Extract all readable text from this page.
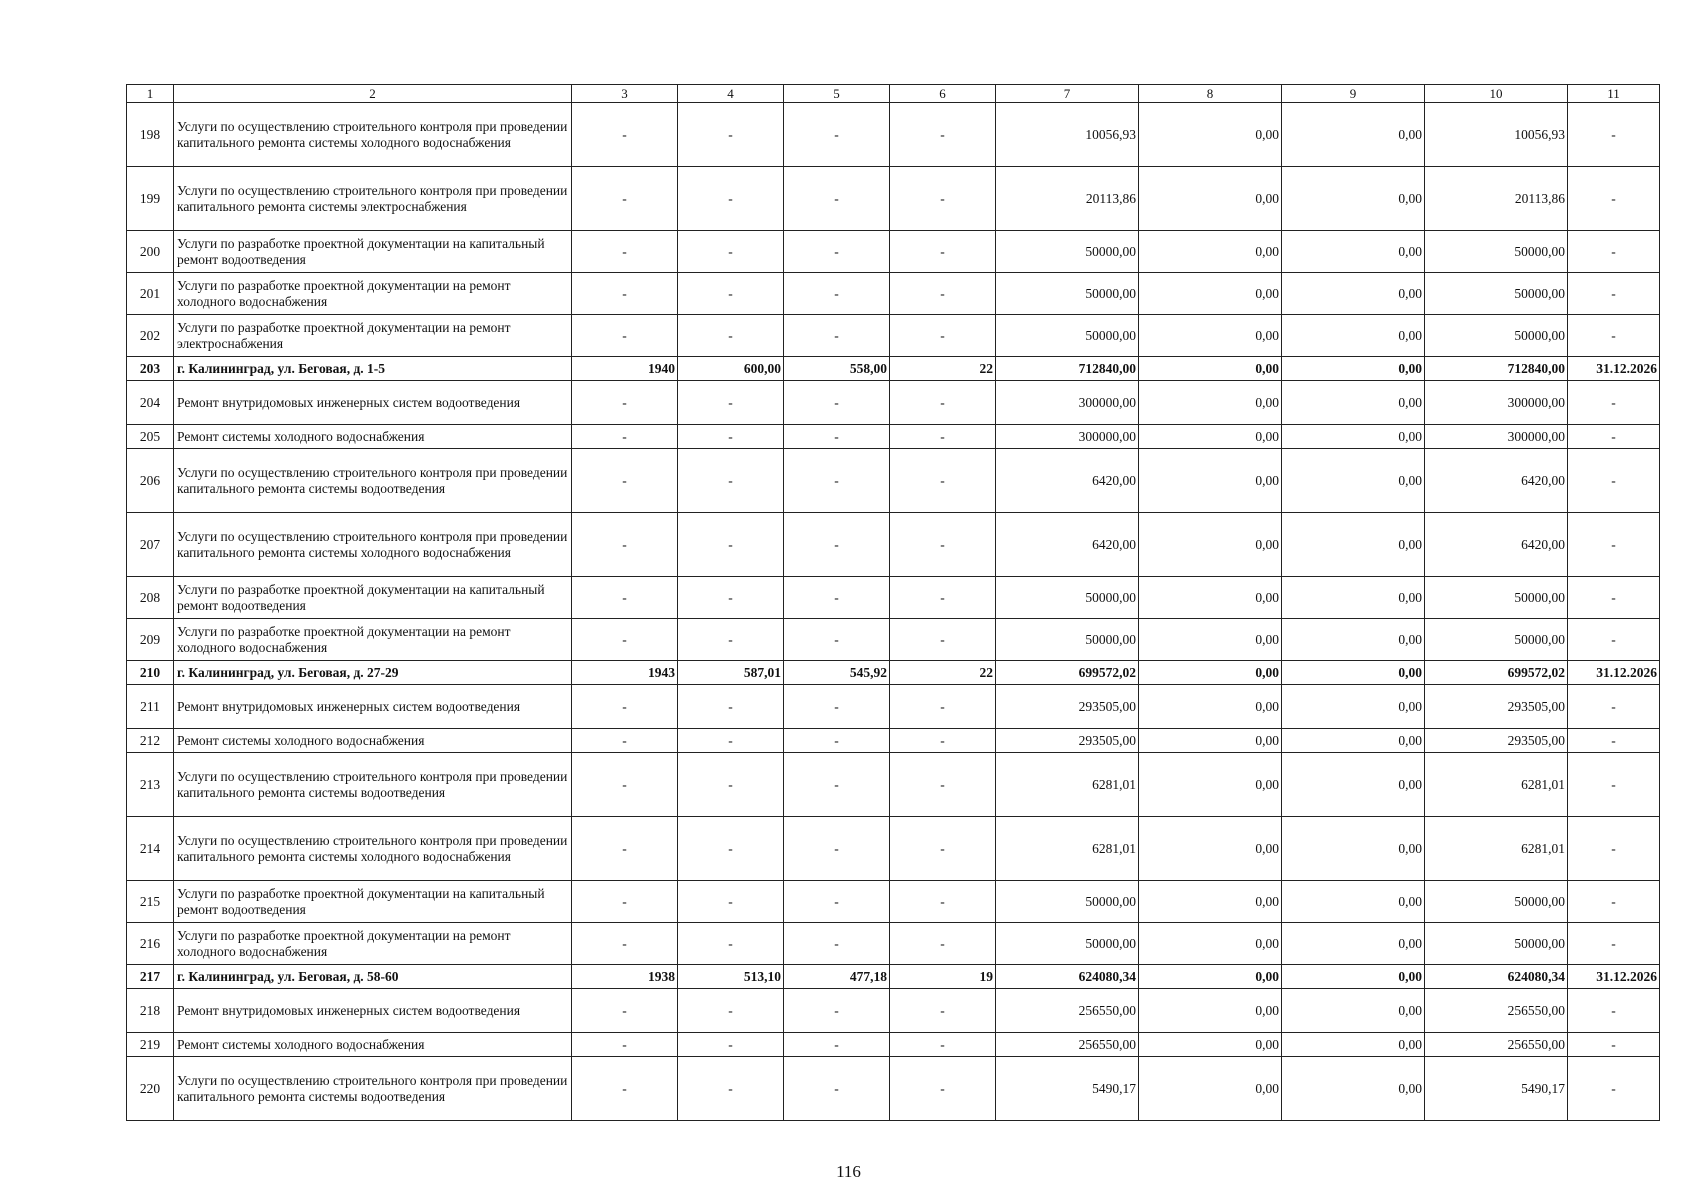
1	2	3	4	5	6	7	8	9	10	11
198	Услуги по осуществлению строительного контроля при проведении капитального ремонта системы холодного водоснабжения	-	-	-	-	10056,93	0,00	0,00	10056,93	-
199	Услуги по осуществлению строительного контроля при проведении капитального ремонта системы электроснабжения	-	-	-	-	20113,86	0,00	0,00	20113,86	-
200	Услуги по разработке проектной документации на капитальный ремонт водоотведения	-	-	-	-	50000,00	0,00	0,00	50000,00	-
201	Услуги по разработке проектной документации на ремонт холодного водоснабжения	-	-	-	-	50000,00	0,00	0,00	50000,00	-
202	Услуги по разработке проектной документации на ремонт электроснабжения	-	-	-	-	50000,00	0,00	0,00	50000,00	-
203	г. Калининград, ул. Беговая, д. 1-5	1940	600,00	558,00	22	712840,00	0,00	0,00	712840,00	31.12.2026
204	Ремонт внутридомовых инженерных систем водоотведения	-	-	-	-	300000,00	0,00	0,00	300000,00	-
205	Ремонт системы холодного водоснабжения	-	-	-	-	300000,00	0,00	0,00	300000,00	-
206	Услуги по осуществлению строительного контроля при проведении капитального ремонта системы водоотведения	-	-	-	-	6420,00	0,00	0,00	6420,00	-
207	Услуги по осуществлению строительного контроля при проведении капитального ремонта системы холодного водоснабжения	-	-	-	-	6420,00	0,00	0,00	6420,00	-
208	Услуги по разработке проектной документации на капитальный ремонт водоотведения	-	-	-	-	50000,00	0,00	0,00	50000,00	-
209	Услуги по разработке проектной документации на ремонт холодного водоснабжения	-	-	-	-	50000,00	0,00	0,00	50000,00	-
210	г. Калининград, ул. Беговая, д. 27-29	1943	587,01	545,92	22	699572,02	0,00	0,00	699572,02	31.12.2026
211	Ремонт внутридомовых инженерных систем водоотведения	-	-	-	-	293505,00	0,00	0,00	293505,00	-
212	Ремонт системы холодного водоснабжения	-	-	-	-	293505,00	0,00	0,00	293505,00	-
213	Услуги по осуществлению строительного контроля при проведении капитального ремонта системы водоотведения	-	-	-	-	6281,01	0,00	0,00	6281,01	-
214	Услуги по осуществлению строительного контроля при проведении капитального ремонта системы холодного водоснабжения	-	-	-	-	6281,01	0,00	0,00	6281,01	-
215	Услуги по разработке проектной документации на капитальный ремонт водоотведения	-	-	-	-	50000,00	0,00	0,00	50000,00	-
216	Услуги по разработке проектной документации на ремонт холодного водоснабжения	-	-	-	-	50000,00	0,00	0,00	50000,00	-
217	г. Калининград, ул. Беговая, д. 58-60	1938	513,10	477,18	19	624080,34	0,00	0,00	624080,34	31.12.2026
218	Ремонт внутридомовых инженерных систем водоотведения	-	-	-	-	256550,00	0,00	0,00	256550,00	-
219	Ремонт системы холодного водоснабжения	-	-	-	-	256550,00	0,00	0,00	256550,00	-
220	Услуги по осуществлению строительного контроля при проведении капитального ремонта системы водоотведения	-	-	-	-	5490,17	0,00	0,00	5490,17	-
116
